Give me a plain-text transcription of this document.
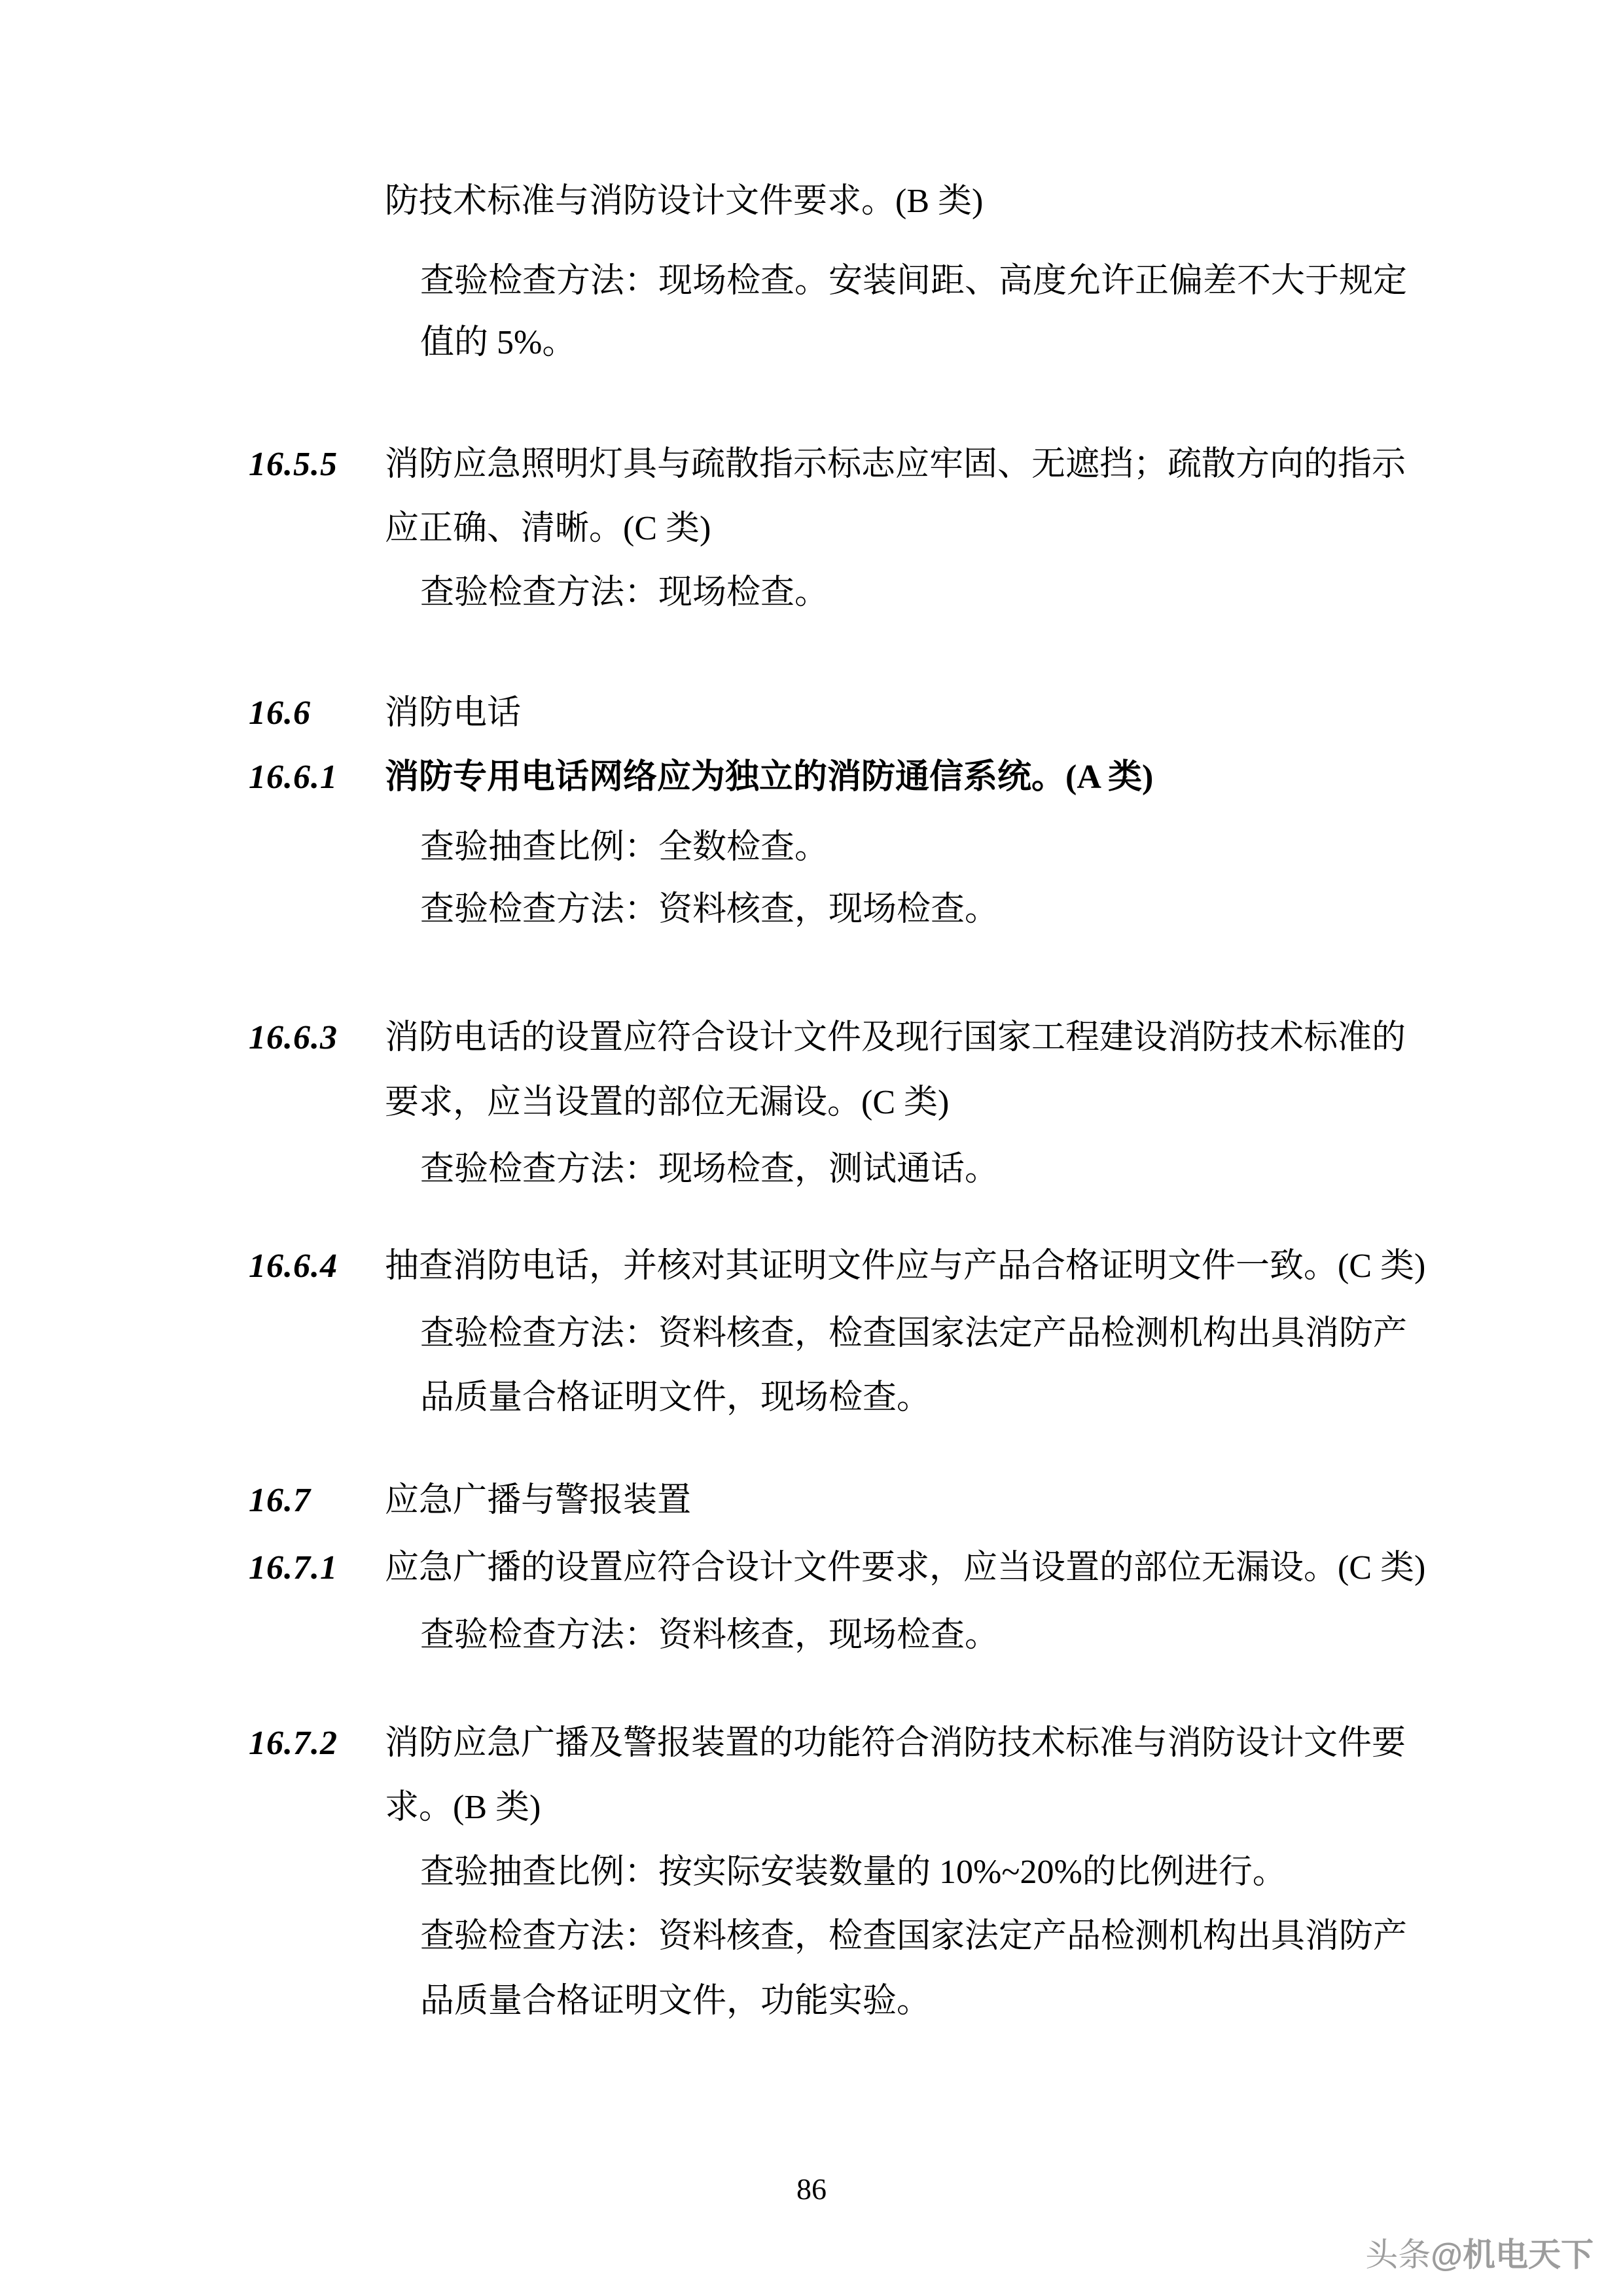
防技术标准与消防设计文件要求。(B 类)
查验检查方法：现场检查。安装间距、高度允许正偏差不大于规定
值的 5%。
16.5.5 消防应急照明灯具与疏散指示标志应牢固、无遮挡；疏散方向的指示
应正确、清晰。(C 类)
查验检查方法：现场检查。
16.6 消防电话
16.6.1 消防专用电话网络应为独立的消防通信系统。(A 类)
查验抽查比例：全数检查。
查验检查方法：资料核查，现场检查。
16.6.3 消防电话的设置应符合设计文件及现行国家工程建设消防技术标准的
要求，应当设置的部位无漏设。(C 类)
查验检查方法：现场检查，测试通话。
16.6.4 抽查消防电话，并核对其证明文件应与产品合格证明文件一致。(C 类)
查验检查方法：资料核查，检查国家法定产品检测机构出具消防产
品质量合格证明文件，现场检查。
16.7 应急广播与警报装置
16.7.1 应急广播的设置应符合设计文件要求，应当设置的部位无漏设。(C 类)
查验检查方法：资料核查，现场检查。
16.7.2 消防应急广播及警报装置的功能符合消防技术标准与消防设计文件要
求。(B 类)
查验抽查比例：按实际安装数量的 10%~20%的比例进行。
查验检查方法：资料核查，检查国家法定产品检测机构出具消防产
品质量合格证明文件，功能实验。
86
头条@机电天下
